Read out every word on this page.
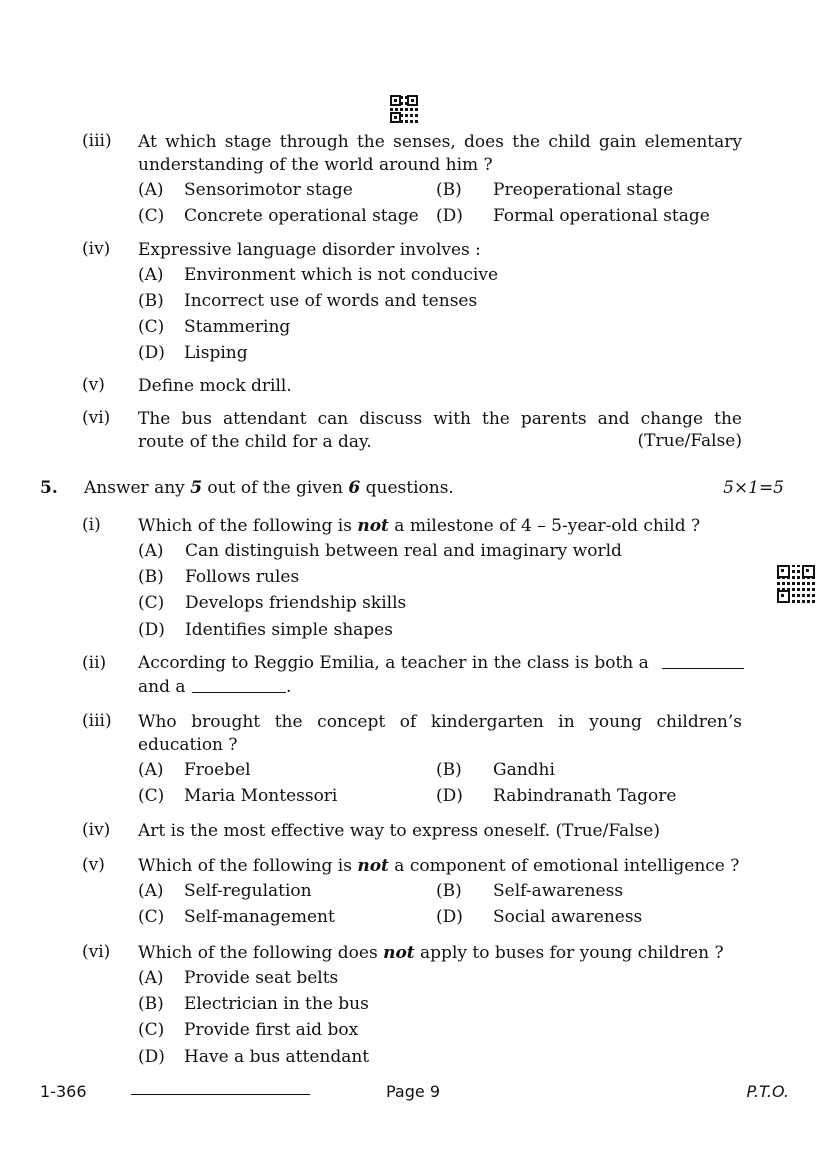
(iii) At which stage through the senses, does the child gain elementary
understanding of the world around him ?
(A)	Sensorimotor stage	(B)	Preoperational stage
(C)	Concrete operational stage (D)	Formal operational stage
(iv) Expressive language disorder involves :
(A)	Environment which is not conducive
(B)	Incorrect use of words and tenses
(C)	Stammering
(D)	Lisping
(v) Define mock drill.
(vi) The bus attendant can discuss with the parents and change the
route of the child for a day.	(True/False)
5. Answer any 5 out of the given 6 questions.	5×1=5
(i) Which of the following is not a milestone of 4 – 5-year-old child ?
(A)	Can distinguish between real and imaginary world
(B)	Follows rules
(C)	Develops friendship skills
(D)	Identifies simple shapes
(ii) According to Reggio Emilia, a teacher in the class is both a
and a	.
(iii) Who brought the concept of kindergarten in young children’s
education ?
(A)	Froebel	(B)	Gandhi
(C)	Maria Montessori	(D)	Rabindranath Tagore
(iv) Art is the most effective way to express oneself. (True/False)
(v) Which of the following is not a component of emotional intelligence ?
(A)	Self-regulation	(B)	Self-awareness
(C)	Self-management	(D)	Social awareness
(vi) Which of the following does not apply to buses for young children ?
(A)	Provide seat belts
(B)	Electrician in the bus
(C)	Provide first aid box
(D)	Have a bus attendant
1-366	Page 9	P.T.O.
